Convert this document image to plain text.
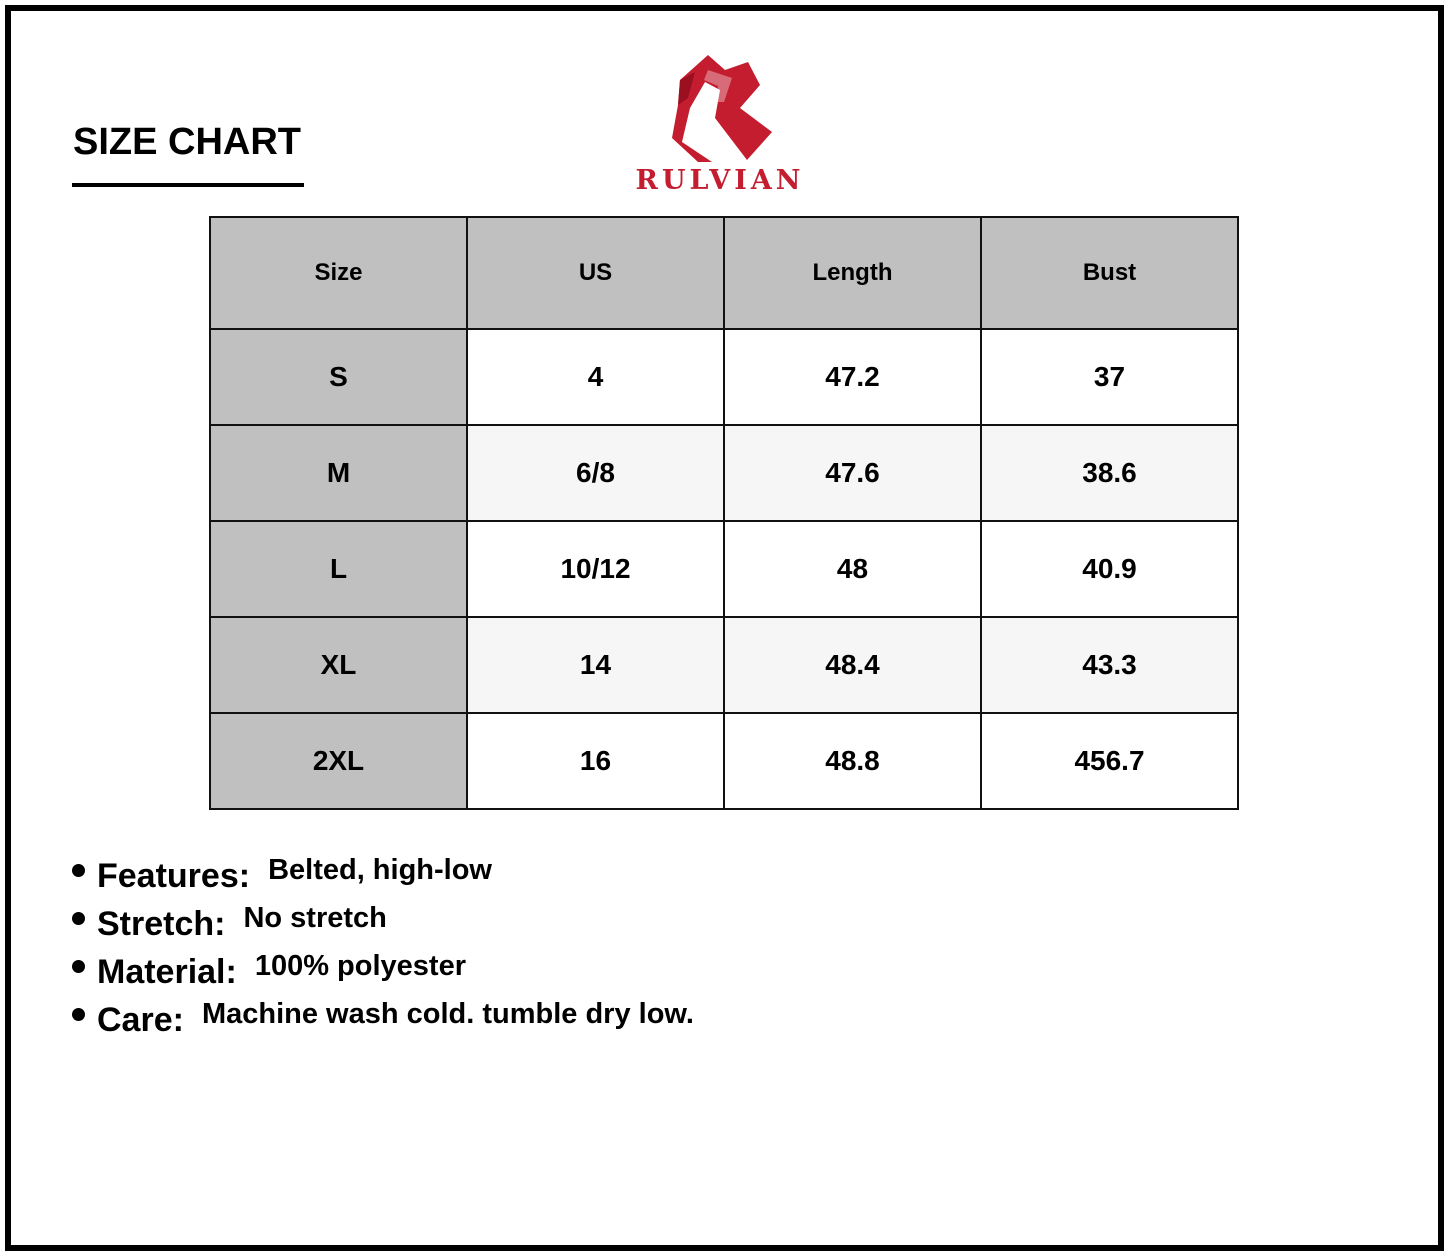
SIZE CHART
RULVIAN
Size	US	Length	Bust
S	4	47.2	37
M	6/8	47.6	38.6
L	10/12	48	40.9
XL	14	48.4	43.3
2XL	16	48.8	456.7
Features: Belted, high-low
Stretch: No stretch
Material: 100% polyester
Care: Machine wash cold. tumble dry low.
